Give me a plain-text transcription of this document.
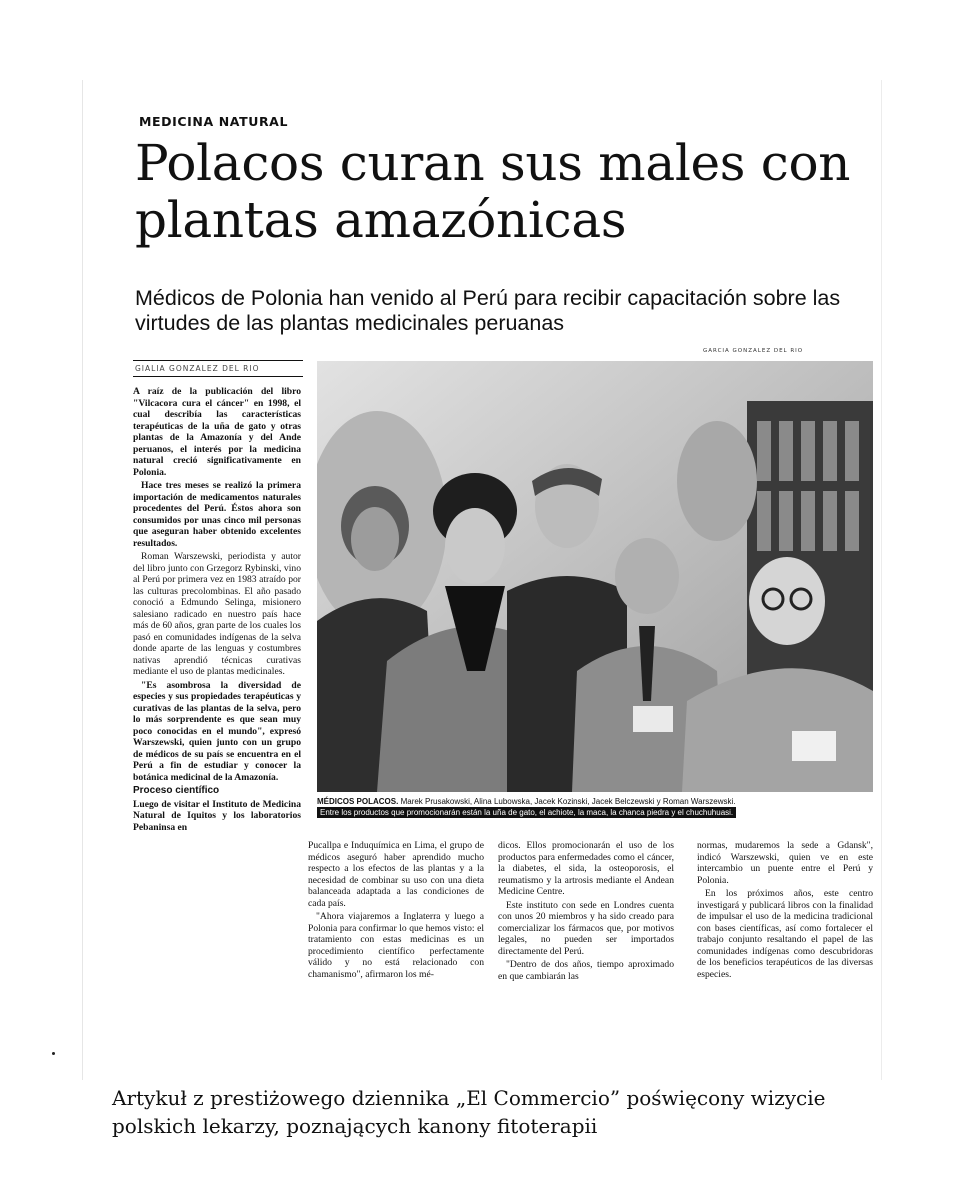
MEDICINA NATURAL
Polacos curan sus males con plantas amazónicas
Médicos de Polonia han venido al Perú para recibir capacitación sobre las virtudes de las plantas medicinales peruanas
GIALIA GONZALEZ DEL RIO
GARCIA GONZALEZ DEL RIO
MÉDICOS POLACOS. Marek Prusakowski, Alina Lubowska, Jacek Kozinski, Jacek Belczewski y Roman Warszewski.
Entre los productos que promocionarán están la uña de gato, el achiote, la maca, la chanca piedra y el chuchuhuasi.

A raíz de la publicación del libro "Vilcacora cura el cáncer" en 1998, el cual describía las características terapéuticas de la uña de gato y otras plantas de la Amazonía y del Ande peruanos, el interés por la medicina natural creció significativamente en Polonia.

Hace tres meses se realizó la primera importación de medicamentos naturales procedentes del Perú. Éstos ahora son consumidos por unas cinco mil personas que aseguran haber obtenido excelentes resultados.

Roman Warszewski, periodista y autor del libro junto con Grzegorz Rybinski, vino al Perú por primera vez en 1983 atraído por las culturas precolombinas. El año pasado conoció a Edmundo Selinga, misionero salesiano radicado en nuestro país hace más de 60 años, gran parte de los cuales los pasó en comunidades indígenas de la selva donde aparte de las lenguas y costumbres nativas aprendió técnicas curativas mediante el uso de plantas medicinales.

"Es asombrosa la diversidad de especies y sus propiedades terapéuticas y curativas de las plantas de la selva, pero lo más sorprendente es que sean muy poco conocidas en el mundo", expresó Warszewski, quien junto con un grupo de médicos de su país se encuentra en el Perú a fin de estudiar y conocer la botánica medicinal de la Amazonía.

Proceso científico

Luego de visitar el Instituto de Medicina Natural de Iquitos y los laboratorios Pebaninsa en

Pucallpa e Induquímica en Lima, el grupo de médicos aseguró haber aprendido mucho respecto a los efectos de las plantas y a la necesidad de combinar su uso con una dieta balanceada adaptada a las condiciones de cada país.

"Ahora viajaremos a Inglaterra y luego a Polonia para confirmar lo que hemos visto: el tratamiento con estas medicinas es un procedimiento científico perfectamente válido y no está relacionado con chamanismo", afirmaron los mé-

dicos. Ellos promocionarán el uso de los productos para enfermedades como el cáncer, la diabetes, el sida, la osteoporosis, el reumatismo y la artrosis mediante el Andean Medicine Centre.

Este instituto con sede en Londres cuenta con unos 20 miembros y ha sido creado para comercializar los fármacos que, por motivos legales, no pueden ser importados directamente del Perú.

"Dentro de dos años, tiempo aproximado en que cambiarán las

normas, mudaremos la sede a Gdansk", indicó Warszewski, quien ve en este intercambio un puente entre el Perú y Polonia.

En los próximos años, este centro investigará y publicará libros con la finalidad de impulsar el uso de la medicina tradicional con bases científicas, así como fortalecer el trabajo conjunto resaltando el papel de las comunidades indígenas como descubridoras de los beneficios terapéuticos de las diversas especies.

Artykuł z prestiżowego dziennika „El Commercio” poświęcony wizycie polskich lekarzy, poznających kanony fitoterapii
